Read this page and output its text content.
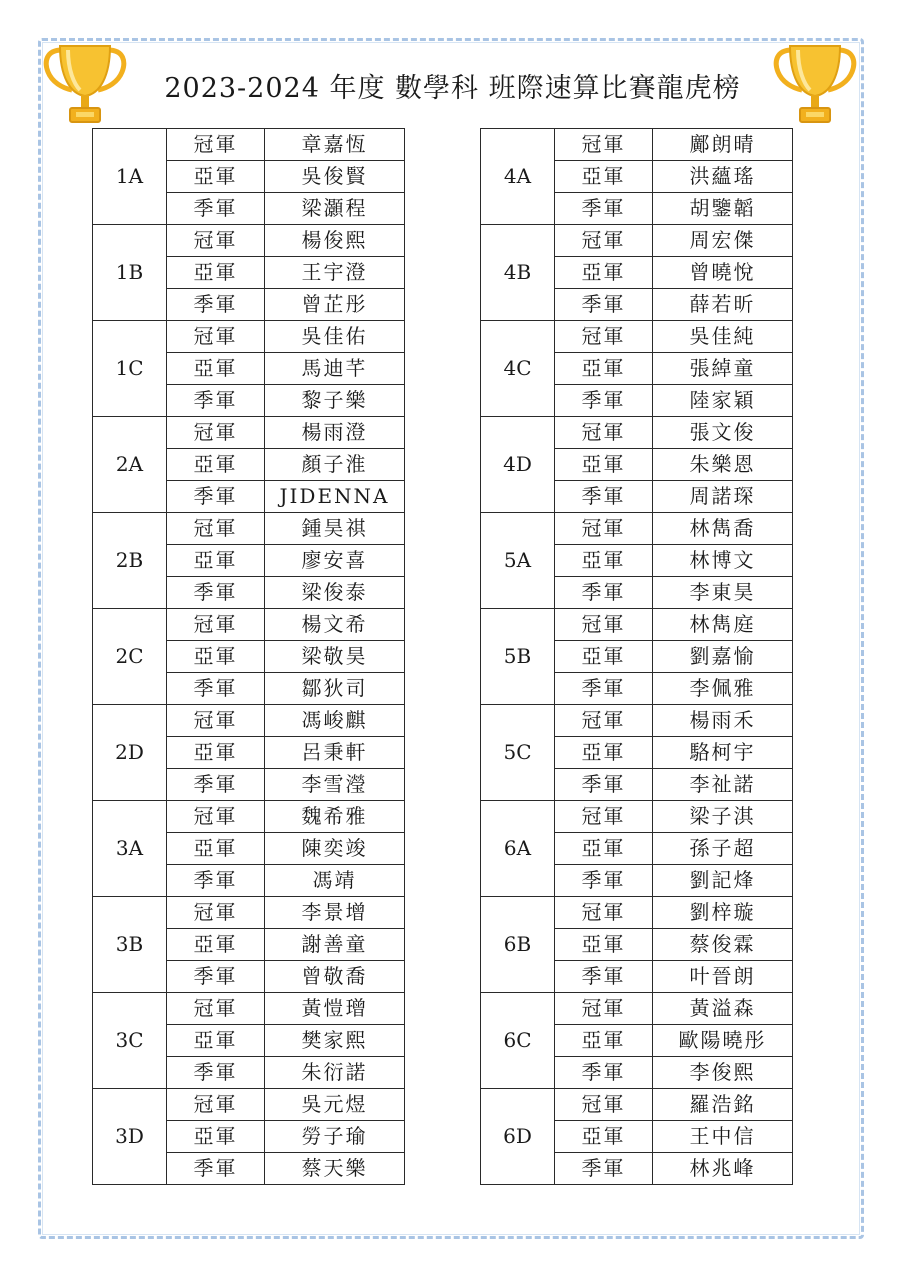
2023-2024 年度 數學科 班際速算比賽龍虎榜
1A	冠軍	章嘉恆
	亞軍	吳俊賢
	季軍	梁灝程
1B	冠軍	楊俊熙
	亞軍	王宇澄
	季軍	曾芷彤
1C	冠軍	吳佳佑
	亞軍	馬迪芊
	季軍	黎子樂
2A	冠軍	楊雨澄
	亞軍	顏子淮
	季軍	JIDENNA
2B	冠軍	鍾昊祺
	亞軍	廖安喜
	季軍	梁俊泰
2C	冠軍	楊文希
	亞軍	梁敬昊
	季軍	鄒狄司
2D	冠軍	馮峻麒
	亞軍	呂秉軒
	季軍	李雪瀅
3A	冠軍	魏希雅
	亞軍	陳奕竣
	季軍	馮靖
3B	冠軍	李景增
	亞軍	謝善童
	季軍	曾敬喬
3C	冠軍	黃愷璔
	亞軍	樊家熙
	季軍	朱衍諾
3D	冠軍	吳元煜
	亞軍	勞子瑜
	季軍	蔡天樂
4A	冠軍	鄺朗晴
	亞軍	洪蘊瑤
	季軍	胡鑒韜
4B	冠軍	周宏傑
	亞軍	曾曉悅
	季軍	薛若昕
4C	冠軍	吳佳純
	亞軍	張綽童
	季軍	陸家穎
4D	冠軍	張文俊
	亞軍	朱樂恩
	季軍	周諾琛
5A	冠軍	林雋喬
	亞軍	林博文
	季軍	李東昊
5B	冠軍	林雋庭
	亞軍	劉嘉愉
	季軍	李佩雅
5C	冠軍	楊雨禾
	亞軍	駱柯宇
	季軍	李祉諾
6A	冠軍	梁子淇
	亞軍	孫子超
	季軍	劉記烽
6B	冠軍	劉梓璇
	亞軍	蔡俊霖
	季軍	叶晉朗
6C	冠軍	黃溢森
	亞軍	歐陽曉彤
	季軍	李俊熙
6D	冠軍	羅浩銘
	亞軍	王中信
	季軍	林兆峰
